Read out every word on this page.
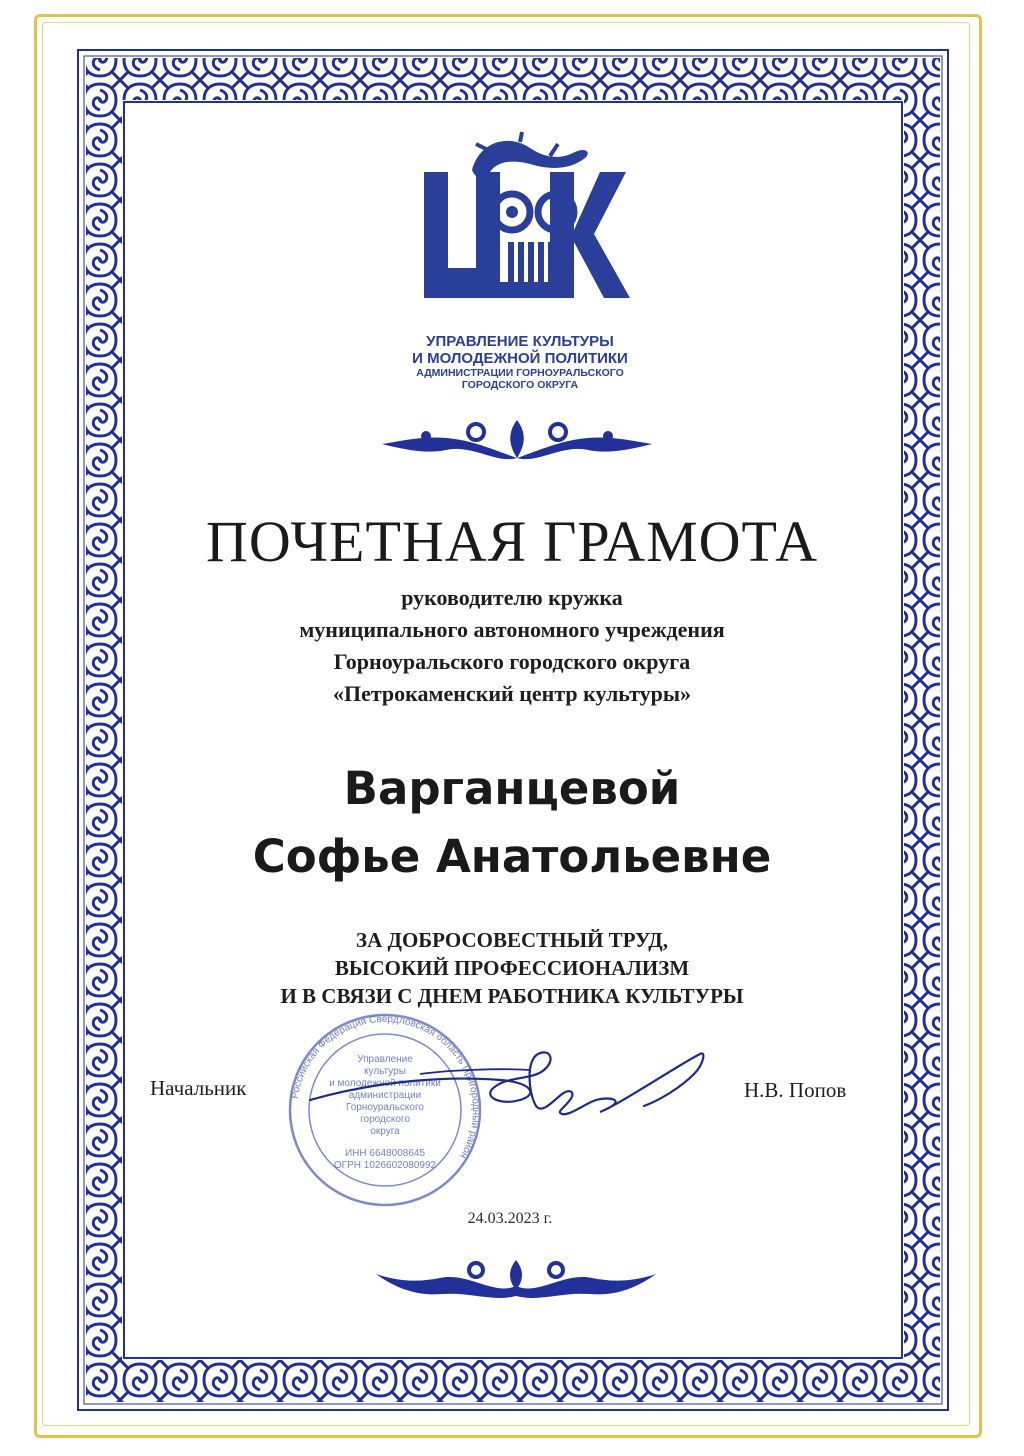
УПРАВЛЕНИЕ КУЛЬТУРЫ
И МОЛОДЕЖНОЙ ПОЛИТИКИ
АДМИНИСТРАЦИИ ГОРНОУРАЛЬСКОГО
ГОРОДСКОГО ОКРУГА
ПОЧЕТНАЯ ГРАМОТА
руководителю кружка
муниципального автономного учреждения
Горноуральского городского округа
«Петрокаменский центр культуры»
Варганцевой
Софье Анатольевне
ЗА ДОБРОСОВЕСТНЫЙ ТРУД,
ВЫСОКИЙ ПРОФЕССИОНАЛИЗМ
И В СВЯЗИ С ДНЕМ РАБОТНИКА КУЛЬТУРЫ
Российская Федерация Свердловская область Пригородный район
Управление
культуры
и молодежной политики
администрации
Горноуральского
городского
округа
ИНН 6648008645
ОГРН 1026602080992
Начальник	Н.В. Попов
24.03.2023 г.
